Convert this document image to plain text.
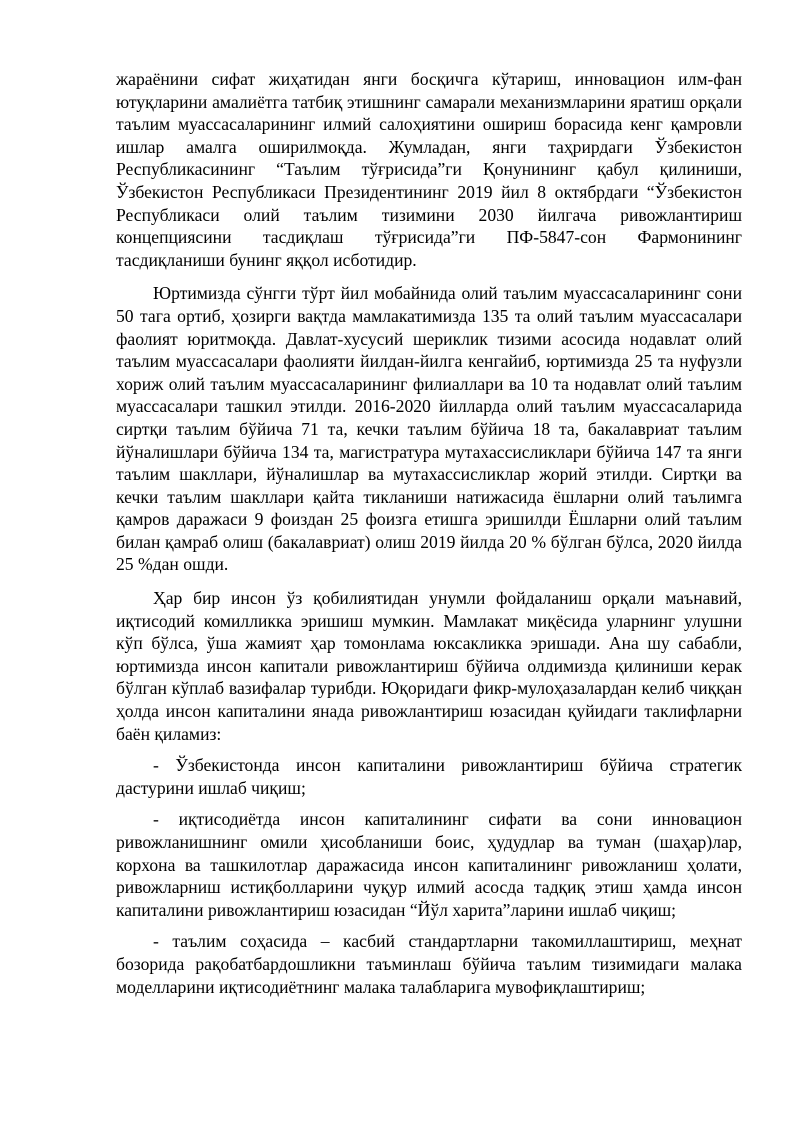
жараёнини сифат жиҳатидан янги босқичга кўтариш, инновацион илм-фан ютуқларини амалиётга татбиқ этишнинг самарали механизмларини яратиш орқали таълим муассасаларининг илмий салоҳиятини ошириш борасида кенг қамровли ишлар амалга оширилмоқда. Жумладан, янги таҳрирдаги Ўзбекистон Республикасининг “Таълим тўғрисида”ги Қонунининг қабул қилиниши, Ўзбекистон Республикаси Президентининг 2019 йил 8 октябрдаги “Ўзбекистон Республикаси олий таълим тизимини 2030 йилгача ривожлантириш концепциясини тасдиқлаш тўғрисида”ги ПФ-5847-сон Фармонининг тасдиқланиши бунинг яққол исботидир.

Юртимизда сўнгги тўрт йил мобайнида олий таълим муассасаларининг сони 50 тага ортиб, ҳозирги вақтда мамлакатимизда 135 та олий таълим муассасалари фаолият юритмоқда. Давлат-хусусий шериклик тизими асосида нодавлат олий таълим муассасалари фаолияти йилдан-йилга кенгайиб, юртимизда 25 та нуфузли хориж олий таълим муассасаларининг филиаллари ва 10 та нодавлат олий таълим муассасалари ташкил этилди. 2016-2020 йилларда олий таълим муассасаларида сиртқи таълим бўйича 71 та, кечки таълим бўйича 18 та, бакалавриат таълим йўналишлари бўйича 134 та, магистратура мутахассисликлари бўйича 147 та янги таълим шакллари, йўналишлар ва мутахассисликлар жорий этилди. Сиртқи ва кечки таълим шакллари қайта тикланиши натижасида ёшларни олий таълимга қамров даражаси 9 фоиздан 25 фоизга етишга эришилди Ёшларни олий таълим билан қамраб олиш (бакалавриат) олиш 2019 йилда 20 % бўлган бўлса, 2020 йилда 25 %дан ошди.

Ҳар бир инсон ўз қобилиятидан унумли фойдаланиш орқали маънавий, иқтисодий комилликка эришиш мумкин. Мамлакат миқёсида уларнинг улушни кўп бўлса, ўша жамият ҳар томонлама юксакликка эришади. Ана шу сабабли, юртимизда инсон капитали ривожлантириш бўйича олдимизда қилиниши керак бўлган кўплаб вазифалар турибди. Юқоридаги фикр-мулоҳазалардан келиб чиққан ҳолда инсон капиталини янада ривожлантириш юзасидан қуйидаги таклифларни баён қиламиз:

- Ўзбекистонда инсон капиталини ривожлантириш бўйича стратегик дастурини ишлаб чиқиш;

- иқтисодиётда инсон капиталининг сифати ва сони инновацион ривожланишнинг омили ҳисобланиши боис, ҳудудлар ва туман (шаҳар)лар, корхона ва ташкилотлар даражасида инсон капиталининг ривожланиш ҳолати, ривожларниш истиқболларини чуқур илмий асосда тадқиқ этиш ҳамда инсон капиталини ривожлантириш юзасидан “Йўл харита”ларини ишлаб чиқиш;

- таълим соҳасида – касбий стандартларни такомиллаштириш, меҳнат бозорида рақобатбардошликни таъминлаш бўйича таълим тизимидаги малака моделларини иқтисодиётнинг малака талабларига мувофиқлаштириш;
